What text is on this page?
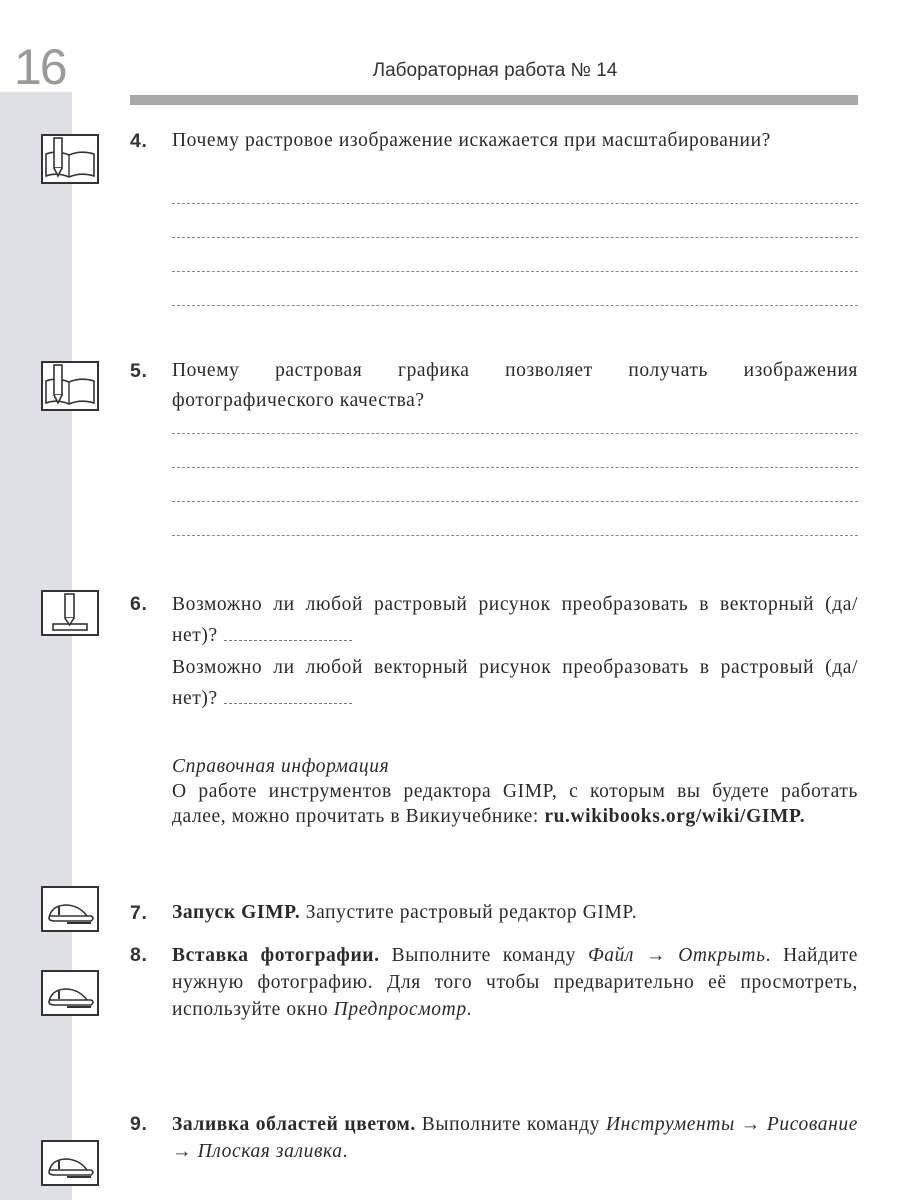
16	Лабораторная работа № 14
4. Почему растровое изображение искажается при масштабировании?
5. Почему растровая графика позволяет получать изображения фотографического качества?
6. Возможно ли любой растровый рисунок преобразовать в векторный (да/нет)?
Возможно ли любой векторный рисунок преобразовать в растровый (да/нет)?
Справочная информация
О работе инструментов редактора GIMP, с которым вы будете работать далее, можно прочитать в Викиучебнике: ru.wikibooks.org/wiki/GIMP.
7. Запуск GIMP. Запустите растровый редактор GIMP.
8. Вставка фотографии. Выполните команду Файл → Открыть. Найдите нужную фотографию. Для того чтобы предварительно её просмотреть, используйте окно Предпросмотр.
9. Заливка областей цветом. Выполните команду Инструменты → Рисование → Плоская заливка.
